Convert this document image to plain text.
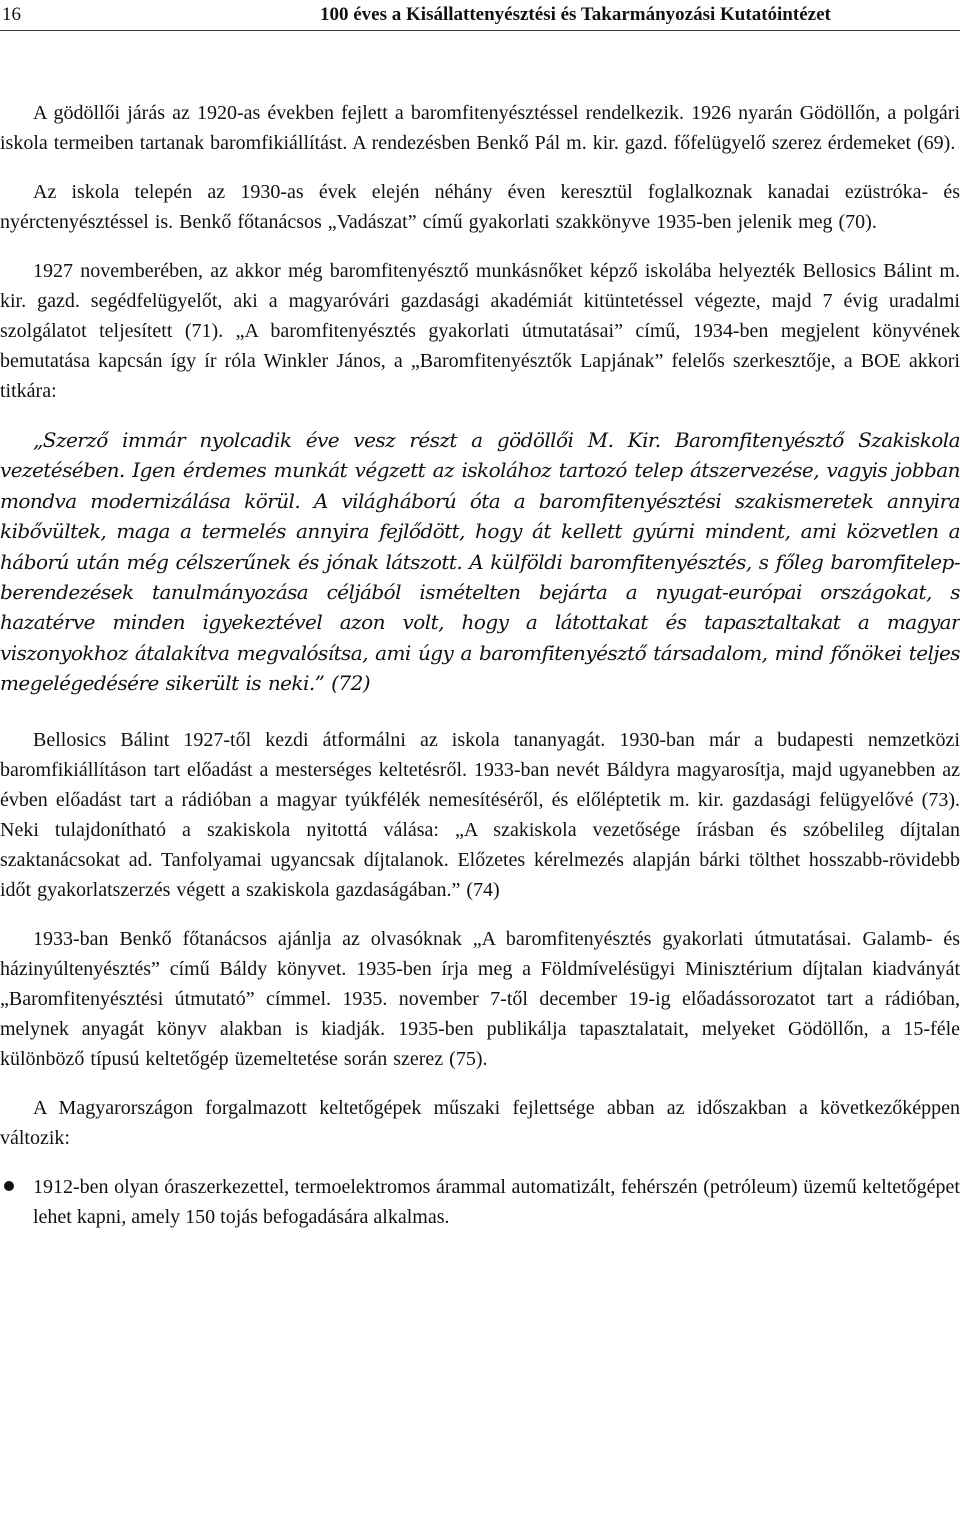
16	100 éves a Kisállattenyésztési és Takarmányozási Kutatóintézet

A gödöllői járás az 1920-as években fejlett a baromfitenyésztéssel rendelkezik. 1926 nyarán Gödöllőn, a polgári iskola termeiben tartanak baromfikiállítást. A rendezésben Benkő Pál m. kir. gazd. főfelügyelő szerez érdemeket (69).

Az iskola telepén az 1930-as évek elején néhány éven keresztül foglalkoznak kanadai ezüstróka- és nyérctenyésztéssel is. Benkő főtanácsos „Vadászat” című gyakorlati szakkönyve 1935-ben jelenik meg (70).

1927 novemberében, az akkor még baromfitenyésztő munkásnőket képző iskolába helyezték Bellosics Bálint m. kir. gazd. segédfelügyelőt, aki a magyaróvári gazdasági akadémiát kitüntetéssel végezte, majd 7 évig uradalmi szolgálatot teljesített (71). „A baromfitenyésztés gyakorlati útmutatásai” című, 1934-ben megjelent könyvének bemutatása kapcsán így ír róla Winkler János, a „Baromfitenyésztők Lapjának” felelős szerkesztője, a BOE akkori titkára:

„Szerző immár nyolcadik éve vesz részt a gödöllői M. Kir. Baromfitenyésztő Szakiskola vezetésében. Igen érdemes munkát végzett az iskolához tartozó telep átszervezése, vagyis jobban mondva modernizálása körül. A világháború óta a baromfitenyésztési szakismeretek annyira kibővültek, maga a termelés annyira fejlődött, hogy át kellett gyúrni mindent, ami közvetlen a háború után még célszerűnek és jónak látszott. A külföldi baromfitenyésztés, s főleg baromfitelep-berendezések tanulmányozása céljából ismételten bejárta a nyugat-európai országokat, s hazatérve minden igyekeztével azon volt, hogy a látottakat és tapasztaltakat a magyar viszonyokhoz átalakítva megvalósítsa, ami úgy a baromfitenyésztő társadalom, mind főnökei teljes megelégedésére sikerült is neki.” (72)

Bellosics Bálint 1927-től kezdi átformálni az iskola tananyagát. 1930-ban már a budapesti nemzetközi baromfikiállításon tart előadást a mesterséges keltetésről. 1933-ban nevét Báldyra magyarosítja, majd ugyanebben az évben előadást tart a rádióban a magyar tyúkfélék nemesítéséről, és előléptetik m. kir. gazdasági felügyelővé (73). Neki tulajdonítható a szakiskola nyitottá válása: „A szakiskola vezetősége írásban és szóbelileg díjtalan szaktanácsokat ad. Tanfolyamai ugyancsak díjtalanok. Előzetes kérelmezés alapján bárki tölthet hosszabb-rövidebb időt gyakorlatszerzés végett a szakiskola gazdaságában.” (74)

1933-ban Benkő főtanácsos ajánlja az olvasóknak „A baromfitenyésztés gyakorlati útmutatásai. Galamb- és házinyúltenyésztés” című Báldy könyvet. 1935-ben írja meg a Földmívelésügyi Minisztérium díjtalan kiadványát „Baromfitenyésztési útmutató” címmel. 1935. november 7-től december 19-ig előadássorozatot tart a rádióban, melynek anyagát könyv alakban is kiadják. 1935-ben publikálja tapasztalatait, melyeket Gödöllőn, a 15-féle különböző típusú keltetőgép üzemeltetése során szerez (75).

A Magyarországon forgalmazott keltetőgépek műszaki fejlettsége abban az időszakban a következőképpen változik:

1912-ben olyan óraszerkezettel, termoelektromos árammal automatizált, fehérszén (petróleum) üzemű keltetőgépet lehet kapni, amely 150 tojás befogadására alkalmas.
